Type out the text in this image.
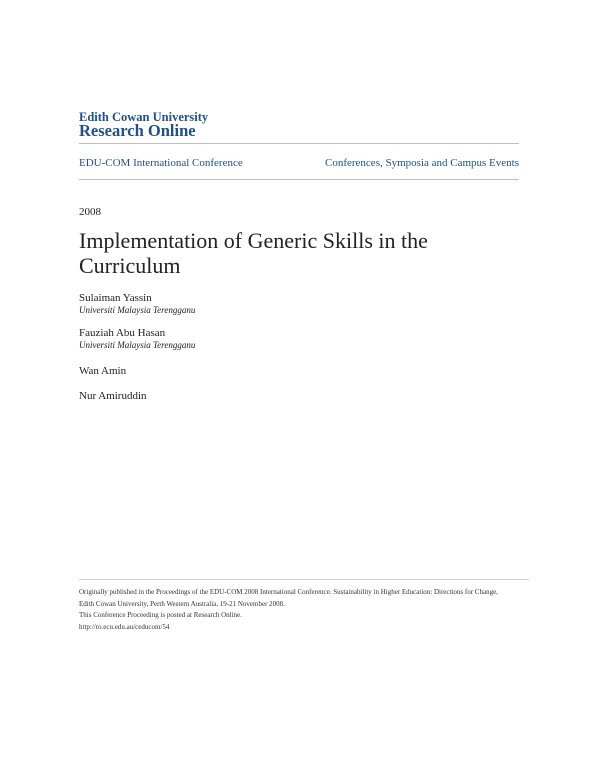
Edith Cowan University
Research Online
EDU-COM International Conference	Conferences, Symposia and Campus Events
2008
Implementation of Generic Skills in the Curriculum
Sulaiman Yassin
Universiti Malaysia Terengganu
Fauziah Abu Hasan
Universiti Malaysia Terengganu
Wan Amin
Nur Amiruddin
Originally published in the Proceedings of the EDU-COM 2008 International Conference. Sustainability in Higher Education: Directions for Change,
Edith Cowan University, Perth Western Australia, 19-21 November 2008.
This Conference Proceeding is posted at Research Online.
http://ro.ecu.edu.au/ceducom/54
